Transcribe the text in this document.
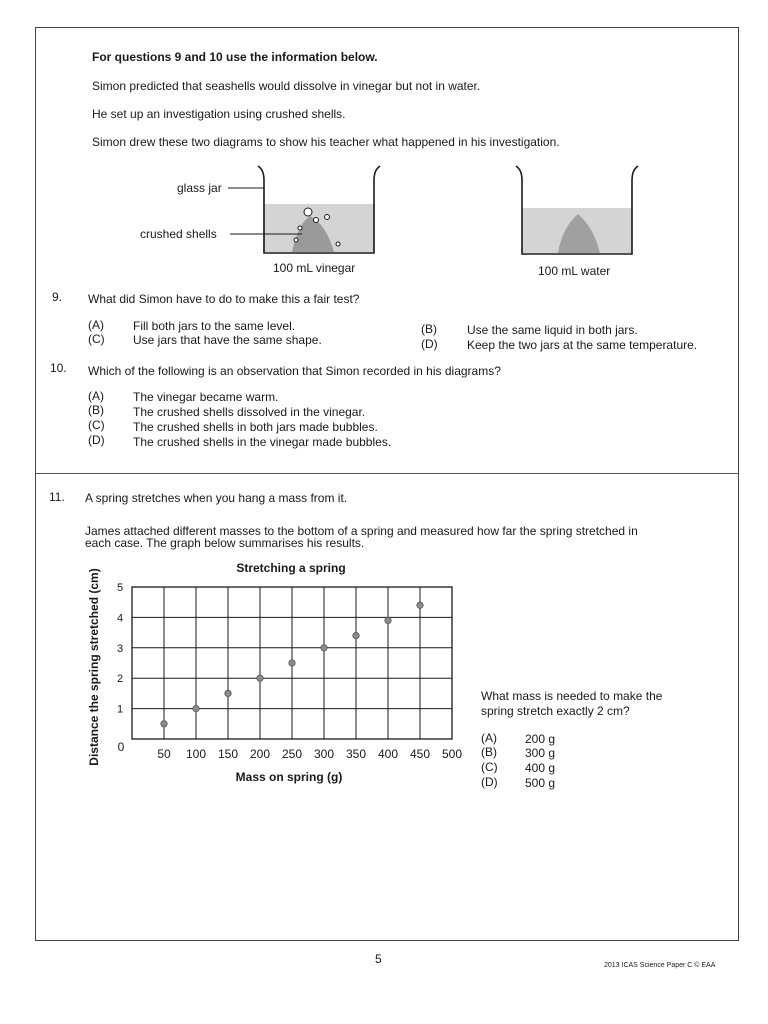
For questions 9 and 10 use the information below.
Simon predicted that seashells would dissolve in vinegar but not in water.
He set up an investigation using crushed shells.
Simon drew these two diagrams to show his teacher what happened in his investigation.
glass jar
crushed shells
100 mL vinegar	100 mL water
9. What did Simon have to do to make this a fair test?
(A) Fill both jars to the same level.
(C) Use jars that have the same shape.
(B)	Use the same liquid in both jars.
(D) Keep the two jars at the same temperature.
10. Which of the following is an observation that Simon recorded in his diagrams?
(A) The vinegar became warm.
(B) The crushed shells dissolved in the vinegar.
(C) The crushed shells in both jars made bubbles.
(D) The crushed shells in the vinegar made bubbles.
11. A spring stretches when you hang a mass from it.
James attached different masses to the bottom of a spring and measured how far the spring stretched in
each case. The graph below summarises his results.
Stretching a spring
1
2
3
4
5
50 100 150 200 250 300 350 400 450 500
0
Mass on spring (g)
Distance the spring stretched (cm)	What mass is needed to make the
spring stretch exactly 2 cm?
(A) 200 g
(B) 300 g
(C) 400 g
(D) 500 g
5	2013 ICAS Science Paper C © EAA
